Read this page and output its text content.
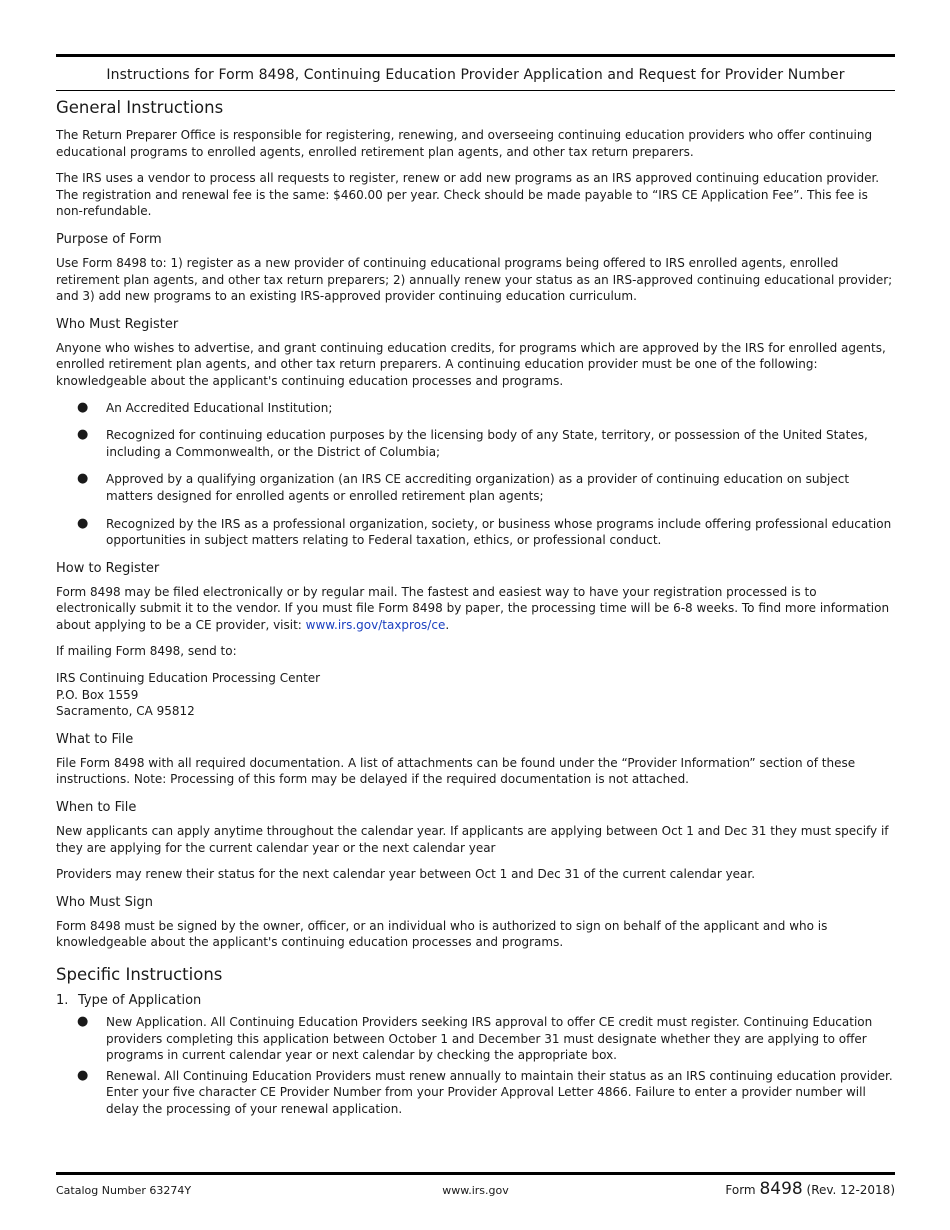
Instructions for Form 8498, Continuing Education Provider Application and Request for Provider Number
General Instructions

The Return Preparer Office is responsible for registering, renewing, and overseeing continuing education providers who offer continuing educational programs to enrolled agents, enrolled retirement plan agents, and other tax return preparers.

The IRS uses a vendor to process all requests to register, renew or add new programs as an IRS approved continuing education provider. The registration and renewal fee is the same: $460.00 per year. Check should be made payable to “IRS CE Application Fee”. This fee is non-refundable.

Purpose of Form

Use Form 8498 to: 1) register as a new provider of continuing educational programs being offered to IRS enrolled agents, enrolled retirement plan agents, and other tax return preparers; 2) annually renew your status as an IRS-approved continuing educational provider; and 3) add new programs to an existing IRS-approved provider continuing education curriculum.

Who Must Register

Anyone who wishes to advertise, and grant continuing education credits, for programs which are approved by the IRS for enrolled agents, enrolled retirement plan agents, and other tax return preparers. A continuing education provider must be one of the following: knowledgeable about the applicant's continuing education processes and programs.

● An Accredited Educational Institution;
● Recognized for continuing education purposes by the licensing body of any State, territory, or possession of the United States, including a Commonwealth, or the District of Columbia;
● Approved by a qualifying organization (an IRS CE accrediting organization) as a provider of continuing education on subject matters designed for enrolled agents or enrolled retirement plan agents;
● Recognized by the IRS as a professional organization, society, or business whose programs include offering professional education opportunities in subject matters relating to Federal taxation, ethics, or professional conduct.
How to Register

Form 8498 may be filed electronically or by regular mail. The fastest and easiest way to have your registration processed is to electronically submit it to the vendor. If you must file Form 8498 by paper, the processing time will be 6-8 weeks. To find more information about applying to be a CE provider, visit: www.irs.gov/taxpros/ce.

If mailing Form 8498, send to:

IRS Continuing Education Processing Center
P.O. Box 1559
Sacramento, CA 95812
What to File

File Form 8498 with all required documentation. A list of attachments can be found under the “Provider Information” section of these instructions. Note: Processing of this form may be delayed if the required documentation is not attached.

When to File

New applicants can apply anytime throughout the calendar year. If applicants are applying between Oct 1 and Dec 31 they must specify if they are applying for the current calendar year or the next calendar year

Providers may renew their status for the next calendar year between Oct 1 and Dec 31 of the current calendar year.

Who Must Sign

Form 8498 must be signed by the owner, officer, or an individual who is authorized to sign on behalf of the applicant and who is knowledgeable about the applicant's continuing education processes and programs.

Specific Instructions
1. Type of Application
● New Application. All Continuing Education Providers seeking IRS approval to offer CE credit must register. Continuing Education providers completing this application between October 1 and December 31 must designate whether they are applying to offer programs in current calendar year or next calendar by checking the appropriate box.
● Renewal. All Continuing Education Providers must renew annually to maintain their status as an IRS continuing education provider. Enter your five character CE Provider Number from your Provider Approval Letter 4866. Failure to enter a provider number will delay the processing of your renewal application.
Catalog Number 63274Y	www.irs.gov	Form 8498 (Rev. 12-2018)
